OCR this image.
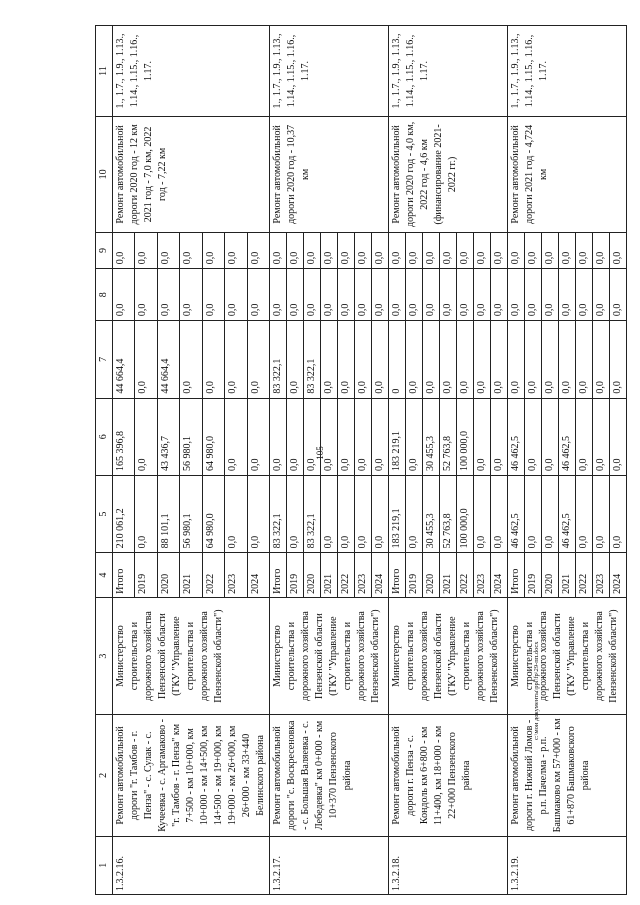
105
1	2	3	4	5	6	7	8	9	10	11
1.3.2.16.	Ремонт автомобильной дороги "г. Тамбов - г. Пенза" - с. Сулак - с. Кучеевка - с. Аргамаково - "г. Тамбов - г. Пенза" км 7+500 - км 10+000, км 10+000 - км 14+500, км 14+500 - км 19+000, км 19+000 - км 26+000, км 26+000 - км 33+440 Белинского района	Министерство строительства и дорожного хозяйства Пензенской области (ГКУ "Управление строительства и дорожного хозяйства Пензенской области")	Итого	210 061,2	165 396,8	44 664,4	0,0	0,0	Ремонт автомобильной дороги 2020 год - 12 км 2021 год - 7,0 км, 2022 год - 7,22 км	1., 1.7., 1.9., 1.13., 1.14., 1.15., 1.16., 1.17.
			2019	0,0	0,0	0,0	0,0	0,0		
			2020	88 101,1	43 436,7	44 664,4	0,0	0,0		
			2021	56 980,1	56 980,1	0,0	0,0	0,0		
			2022	64 980,0	64 980,0	0,0	0,0	0,0		
			2023	0,0	0,0	0,0	0,0	0,0		
			2024	0,0	0,0	0,0	0,0	0,0		
1.3.2.17.	Ремонт автомобильной дороги "с. Воскресеновка - с. Большая Валяевка - с. Лебедевка" км 0+000 - км 10+370 Пензенского района	Министерство строительства и дорожного хозяйства Пензенской области (ГКУ "Управление строительства и дорожного хозяйства Пензенской области")	Итого	83 322,1	0,0	83 322,1	0,0	0,0	Ремонт автомобильной дороги 2020 год - 10,37 км	1., 1.7., 1.9., 1.13., 1.14., 1.15., 1.16., 1.17.
			2019	0,0	0,0	0,0	0,0	0,0		
			2020	83 322,1	0,0	83 322,1	0,0	0,0		
			2021	0,0	0,0	0,0	0,0	0,0		
			2022	0,0	0,0	0,0	0,0	0,0		
			2023	0,0	0,0	0,0	0,0	0,0		
			2024	0,0	0,0	0,0	0,0	0,0		
1.3.2.18.	Ремонт автомобильной дороги г. Пенза - с. Кондоль км 6+800 - км 11+400, км 18+000 - км 22+000 Пензенского района	Министерство строительства и дорожного хозяйства Пензенской области (ГКУ "Управление строительства и дорожного хозяйства Пензенской области")	Итого	183 219,1	183 219,1	0	0,0	0,0	Ремонт автомобильной дороги 2020 год - 4,0 км, 2022 год - 4,6 км (финансирование 2021-2022 гг.)	1., 1.7., 1.9., 1.13., 1.14., 1.15., 1.16., 1.17.
			2019	0,0	0,0	0,0	0,0	0,0		
			2020	30 455,3	30 455,3	0,0	0,0	0,0		
			2021	52 763,8	52 763,8	0,0	0,0	0,0		
			2022	100 000,0	100 000,0	0,0	0,0	0,0		
			2023	0,0	0,0	0,0	0,0	0,0		
			2024	0,0	0,0	0,0	0,0	0,0		
1.3.2.19.	Ремонт автомобильной дороги г. Нижний Ломов - р.п. Пачелма - р.п. Башмаково км 57+000 - км 61+870 Башмаковского района	Министерство строительства и дорожного хозяйства Пензенской области (ГКУ "Управление строительства и дорожного хозяйства Пензенской области")	Итого	46 462,5	46 462,5	0,0	0,0	0,0	Ремонт автомобильной дороги 2021 год - 4,724 км	1., 1.7., 1.9., 1.13., 1.14., 1.15., 1.16., 1.17.
			2019	0,0	0,0	0,0	0,0	0,0		
			2020	0,0	0,0	0,0	0,0	0,0		
			2021	46 462,5	46 462,5	0,0	0,0	0,0		
			2022	0,0	0,0	0,0	0,0	0,0		
			2023	0,0	0,0	0,0	0,0	0,0		
			2024	0,0	0,0	0,0	0,0	0,0		
c:\мои документы\ppl\fp\29-пп.docx
